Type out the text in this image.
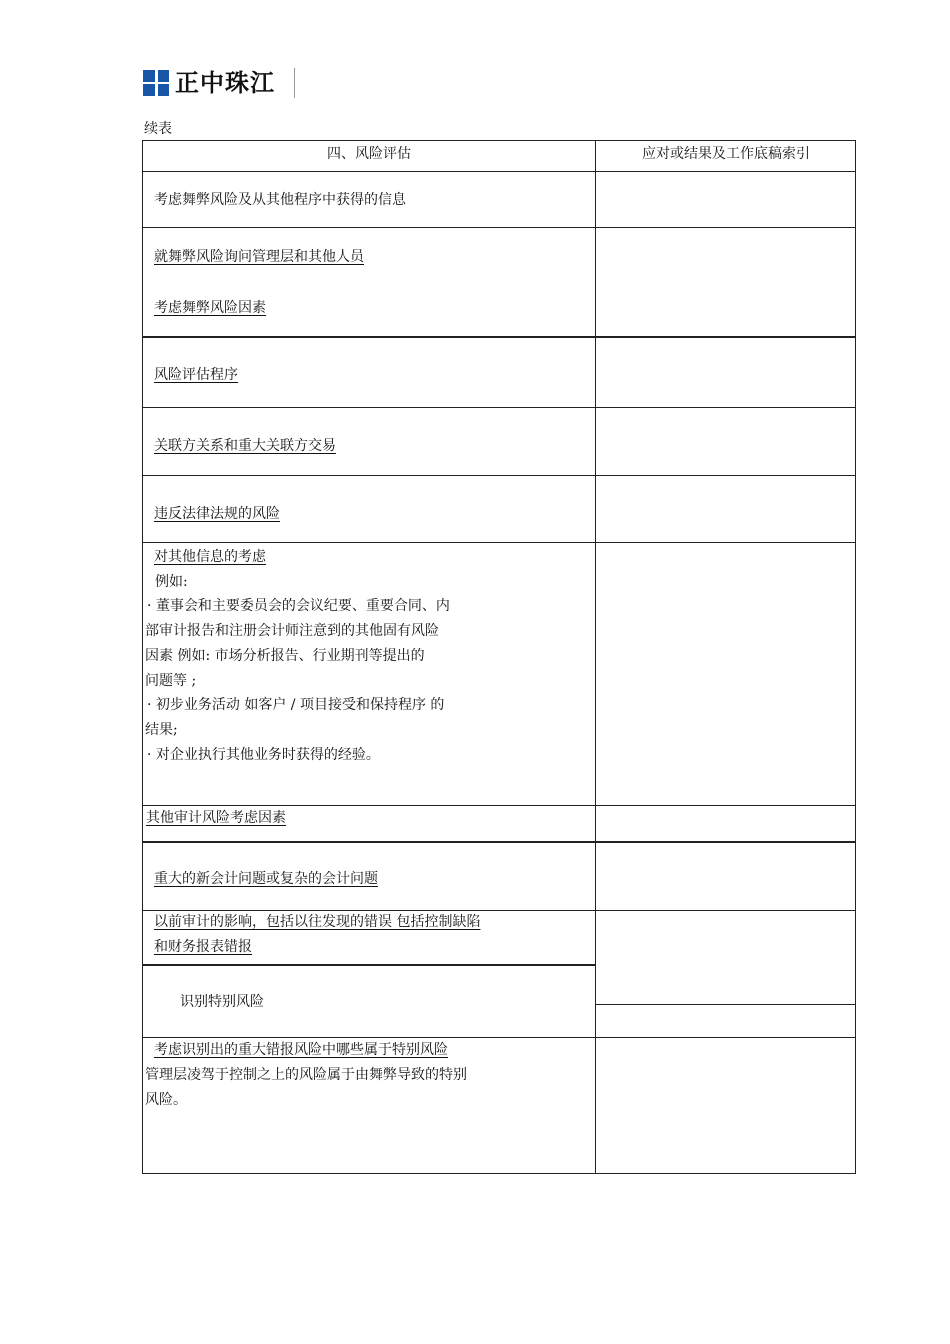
正中珠江
续表
四、风险评估	应对或结果及工作底稿索引
考虑舞弊风险及从其他程序中获得的信息
就舞弊风险询问管理层和其他人员
考虑舞弊风险因素
风险评估程序
关联方关系和重大关联方交易
违反法律法规的风险
对其他信息的考虑
例如:
· 董事会和主要委员会的会议纪要、重要合同、内
部审计报告和注册会计师注意到的其他固有风险
因素 例如: 市场分析报告、行业期刊等提出的
问题等 ;
· 初步业务活动 如客户 / 项目接受和保持程序 的
结果;
· 对企业执行其他业务时获得的经验。
其他审计风险考虑因素
重大的新会计问题或复杂的会计问题
以前审计的影响，包括以往发现的错误 包括控制缺陷
和财务报表错报
识别特别风险
考虑识别出的重大错报风险中哪些属于特别风险
管理层凌驾于控制之上的风险属于由舞弊导致的特别
风险。
